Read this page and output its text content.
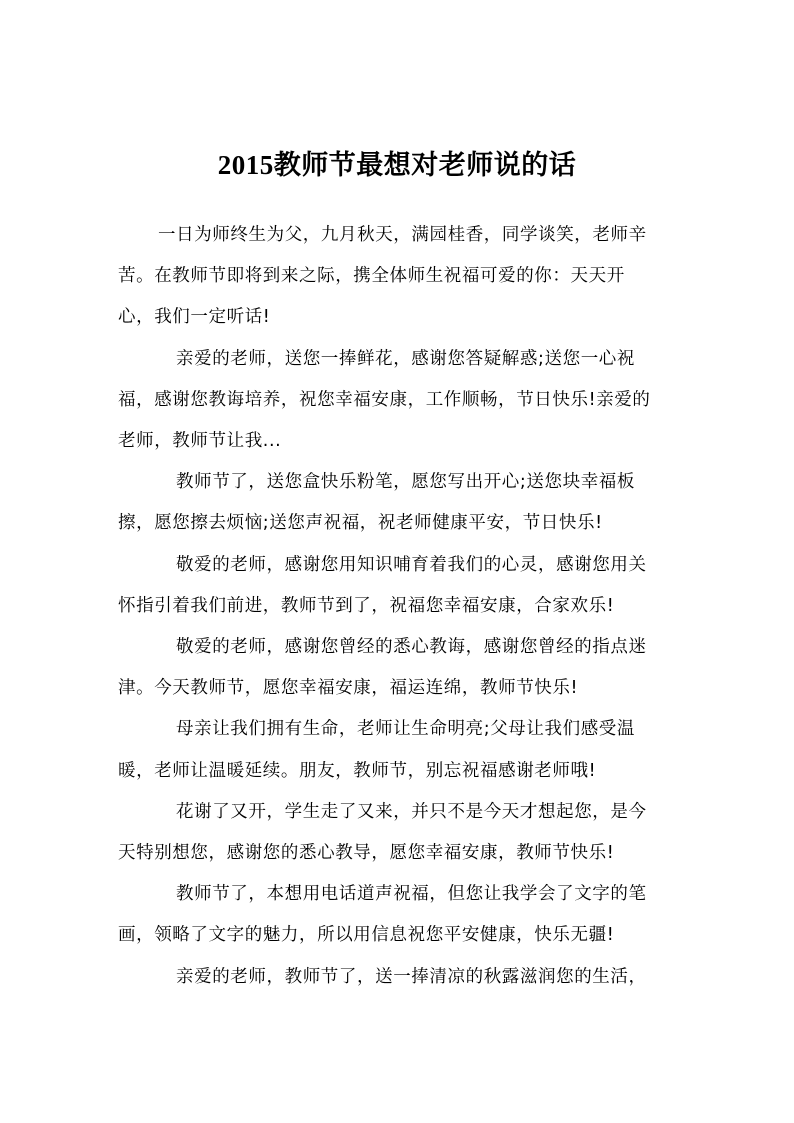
2015教师节最想对老师说的话
一日为师终生为父，九月秋天，满园桂香，同学谈笑，老师辛
苦。在教师节即将到来之际，携全体师生祝福可爱的你：天天开
心，我们一定听话!
亲爱的老师，送您一捧鲜花，感谢您答疑解惑;送您一心祝
福，感谢您教诲培养，祝您幸福安康，工作顺畅，节日快乐!亲爱的
老师，教师节让我...
教师节了，送您盒快乐粉笔，愿您写出开心;送您块幸福板
擦，愿您擦去烦恼;送您声祝福，祝老师健康平安，节日快乐!
敬爱的老师，感谢您用知识哺育着我们的心灵，感谢您用关
怀指引着我们前进，教师节到了，祝福您幸福安康，合家欢乐!
敬爱的老师，感谢您曾经的悉心教诲，感谢您曾经的指点迷
津。今天教师节，愿您幸福安康，福运连绵，教师节快乐!
母亲让我们拥有生命，老师让生命明亮;父母让我们感受温
暖，老师让温暖延续。朋友，教师节，别忘祝福感谢老师哦!
花谢了又开，学生走了又来，并只不是今天才想起您，是今
天特别想您，感谢您的悉心教导，愿您幸福安康，教师节快乐!
教师节了，本想用电话道声祝福，但您让我学会了文字的笔
画，领略了文字的魅力，所以用信息祝您平安健康，快乐无疆!
亲爱的老师，教师节了，送一捧清凉的秋露滋润您的生活，
